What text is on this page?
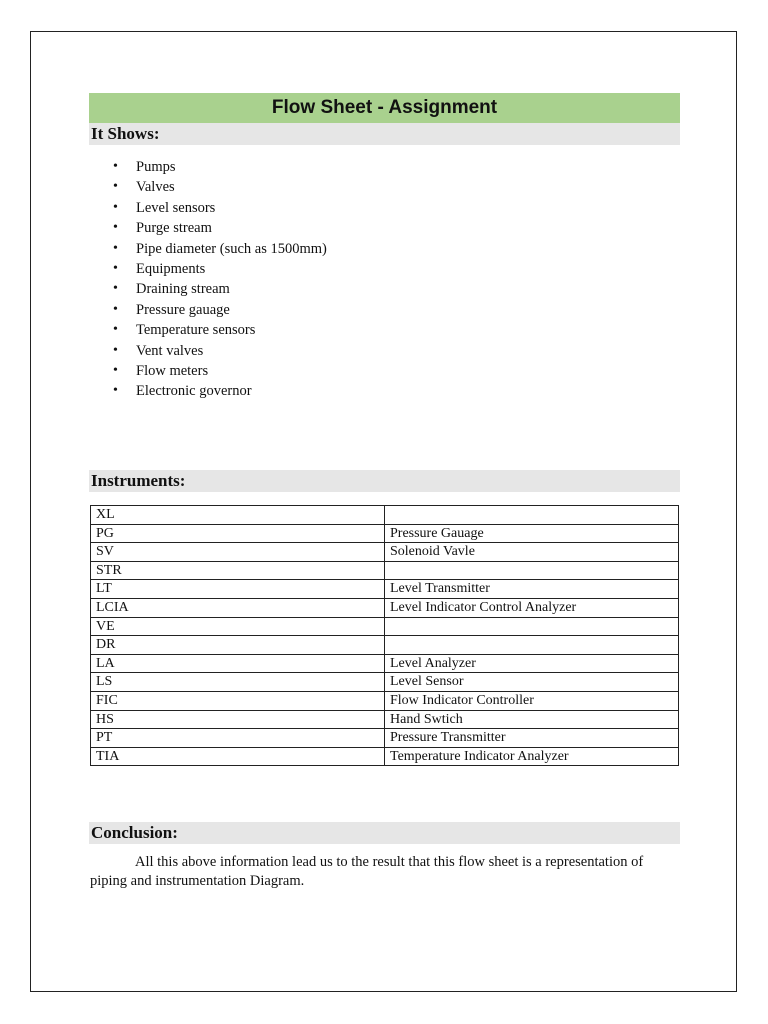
Flow Sheet - Assignment
It Shows:
• Pumps
• Valves
• Level sensors
• Purge stream
• Pipe diameter (such as 1500mm)
• Equipments
• Draining stream
• Pressure gauage
• Temperature sensors
• Vent valves
• Flow meters
• Electronic governor
Instruments:
XL	
PG	Pressure Gauage
SV	Solenoid Vavle
STR	
LT	Level Transmitter
LCIA	Level Indicator Control Analyzer
VE	
DR	
LA	Level Analyzer
LS	Level Sensor
FIC	Flow Indicator Controller
HS	Hand Swtich
PT	Pressure Transmitter
TIA	Temperature Indicator Analyzer
Conclusion:

All this above information lead us to the result that this flow sheet is a representation of piping and instrumentation Diagram.
